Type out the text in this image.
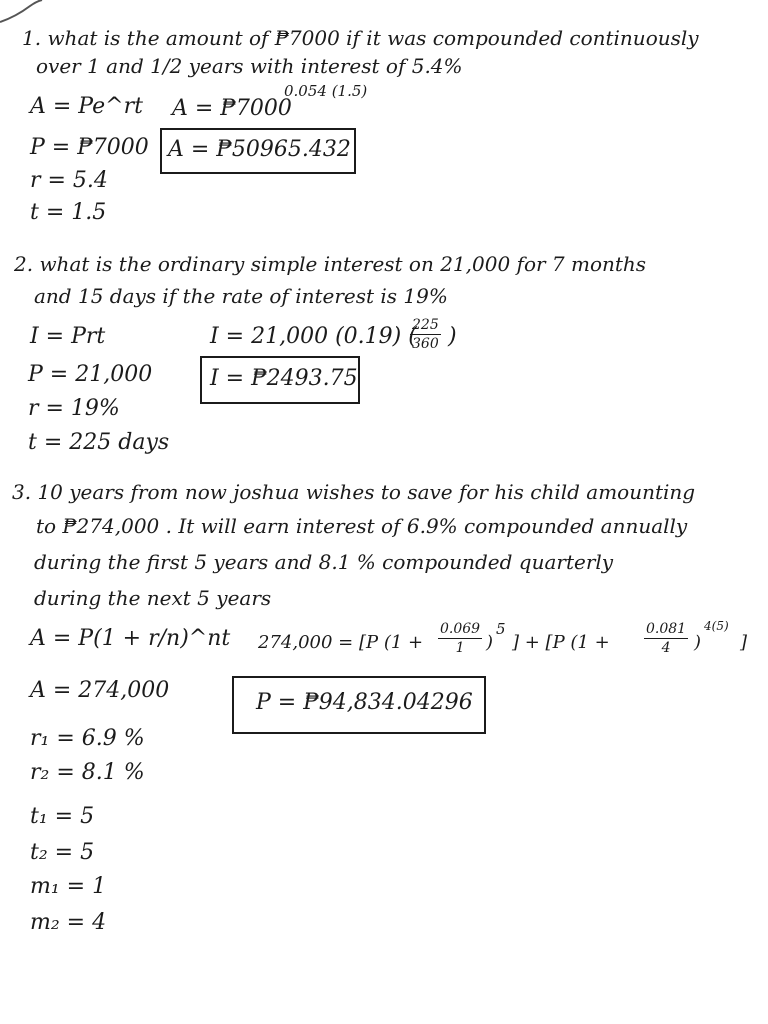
1. what is the amount of ₱7000 if it was compounded continuously
over 1 and 1/2 years with interest of 5.4%
A = Pe^rt A = ₱7000
0.054 (1.5)
P = ₱7000
r = 5.4
t = 1.5
A = ₱50965.432
2. what is the ordinary simple interest on 21,000 for 7 months
and 15 days if the rate of interest is 19%
I = Prt	I = 21,000 (0.19) (
$\frac{225}{360}$ )
P = 21,000
r = 19%
t = 225 days
I = ₱2493.75
3. 10 years from now joshua wishes to save for his child amounting
to ₱274,000 . It will earn interest of 6.9% compounded annually
during the first 5 years and 8.1 % compounded quarterly
during the next 5 years
A = P(1 + r/n)^nt 274,000 = [P ($1 + \frac{0.069}{1}$ )
5
] + [P ($1 + \frac{0.081}{4}$ )
4(5)
]
A = 274,000
r₁ = 6.9 %
r₂ = 8.1 %
t₁ = 5
t₂ = 5
m₁ = 1
m₂ = 4
P = ₱94,834.04296
